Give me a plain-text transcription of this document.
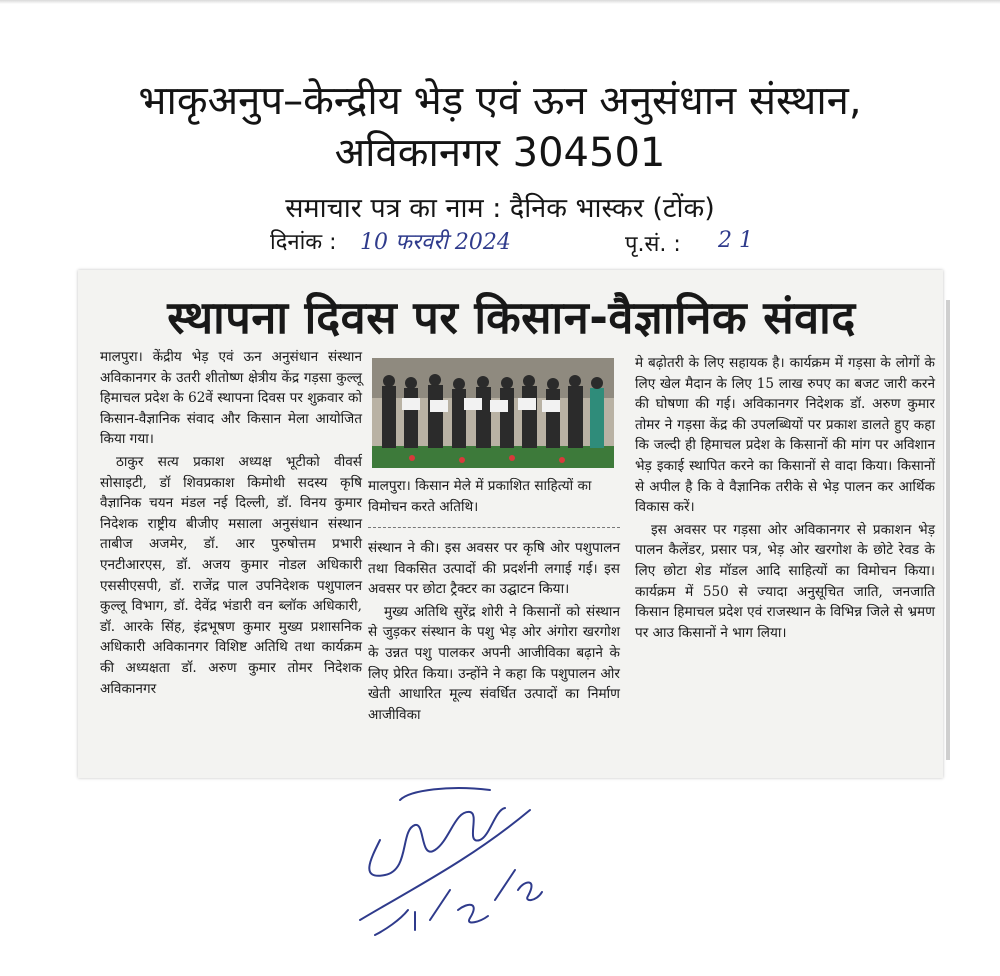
भाकृअनुप–केन्द्रीय भेड़ एवं ऊन अनुसंधान संस्थान,
अविकानगर 304501
समाचार पत्र का नाम : दैनिक भास्कर (टोंक)
दिनांक : 10 फरवरी 2024	पृ.सं. : 2 1
स्थापना दिवस पर किसान-वैज्ञानिक संवाद

मालपुरा। केंद्रीय भेड़ एवं ऊन अनुसंधान संस्थान अविकानगर के उतरी शीतोष्ण क्षेत्रीय केंद्र गड़सा कुल्लू हिमाचल प्रदेश के 62वें स्थापना दिवस पर शुक्रवार को किसान-वैज्ञानिक संवाद और किसान मेला आयोजित किया गया।

ठाकुर सत्य प्रकाश अध्यक्ष भूटीको वीवर्स सोसाइटी, डॉ शिवप्रकाश किमोथी सदस्य कृषि वैज्ञानिक चयन मंडल नई दिल्ली, डॉ. विनय कुमार निदेशक राष्ट्रीय बीजीए मसाला अनुसंधान संस्थान ताबीज अजमेर, डॉ. आर पुरुषोत्तम प्रभारी एनटीआरएस, डॉ. अजय कुमार नोडल अधिकारी एससीएसपी, डॉ. राजेंद्र पाल उपनिदेशक पशुपालन कुल्लू विभाग, डॉ. देवेंद्र भंडारी वन ब्लॉक अधिकारी, डॉ. आरके सिंह, इंद्रभूषण कुमार मुख्य प्रशासनिक अधिकारी अविकानगर विशिष्ट अतिथि तथा कार्यक्रम की अध्यक्षता डॉ. अरुण कुमार तोमर निदेशक अविकानगर

मालपुरा। किसान मेले में प्रकाशित साहित्यों का विमोचन करते अतिथि।

संस्थान ने की। इस अवसर पर कृषि ओर पशुपालन तथा विकसित उत्पादों की प्रदर्शनी लगाई गई। इस अवसर पर छोटा ट्रैक्टर का उद्घाटन किया।

मुख्य अतिथि सुरेंद्र शोरी ने किसानों को संस्थान से जुड़कर संस्थान के पशु भेड़ ओर अंगोरा खरगोश के उन्नत पशु पालकर अपनी आजीविका बढ़ाने के लिए प्रेरित किया। उन्होंने ने कहा कि पशुपालन ओर खेती आधारित मूल्य संवर्धित उत्पादों का निर्माण आजीविका

मे बढ़ोतरी के लिए सहायक है। कार्यक्रम में गड़सा के लोगों के लिए खेल मैदान के लिए 15 लाख रुपए का बजट जारी करने की घोषणा की गई। अविकानगर निदेशक डॉ. अरुण कुमार तोमर ने गड़सा केंद्र की उपलब्धियों पर प्रकाश डालते हुए कहा कि जल्दी ही हिमाचल प्रदेश के किसानों की मांग पर अविशान भेड़ इकाई स्थापित करने का किसानों से वादा किया। किसानों से अपील है कि वे वैज्ञानिक तरीके से भेड़ पालन कर आर्थिक विकास करें।

इस अवसर पर गड़सा ओर अविकानगर से प्रकाशन भेड़ पालन कैलेंडर, प्रसार पत्र, भेड़ ओर खरगोश के छोटे रेवड के लिए छोटा शेड मॉडल आदि साहित्यों का विमोचन किया। कार्यक्रम में 550 से ज्यादा अनुसूचित जाति, जनजाति किसान हिमाचल प्रदेश एवं राजस्थान के विभिन्न जिले से भ्रमण पर आउ किसानों ने भाग लिया।
